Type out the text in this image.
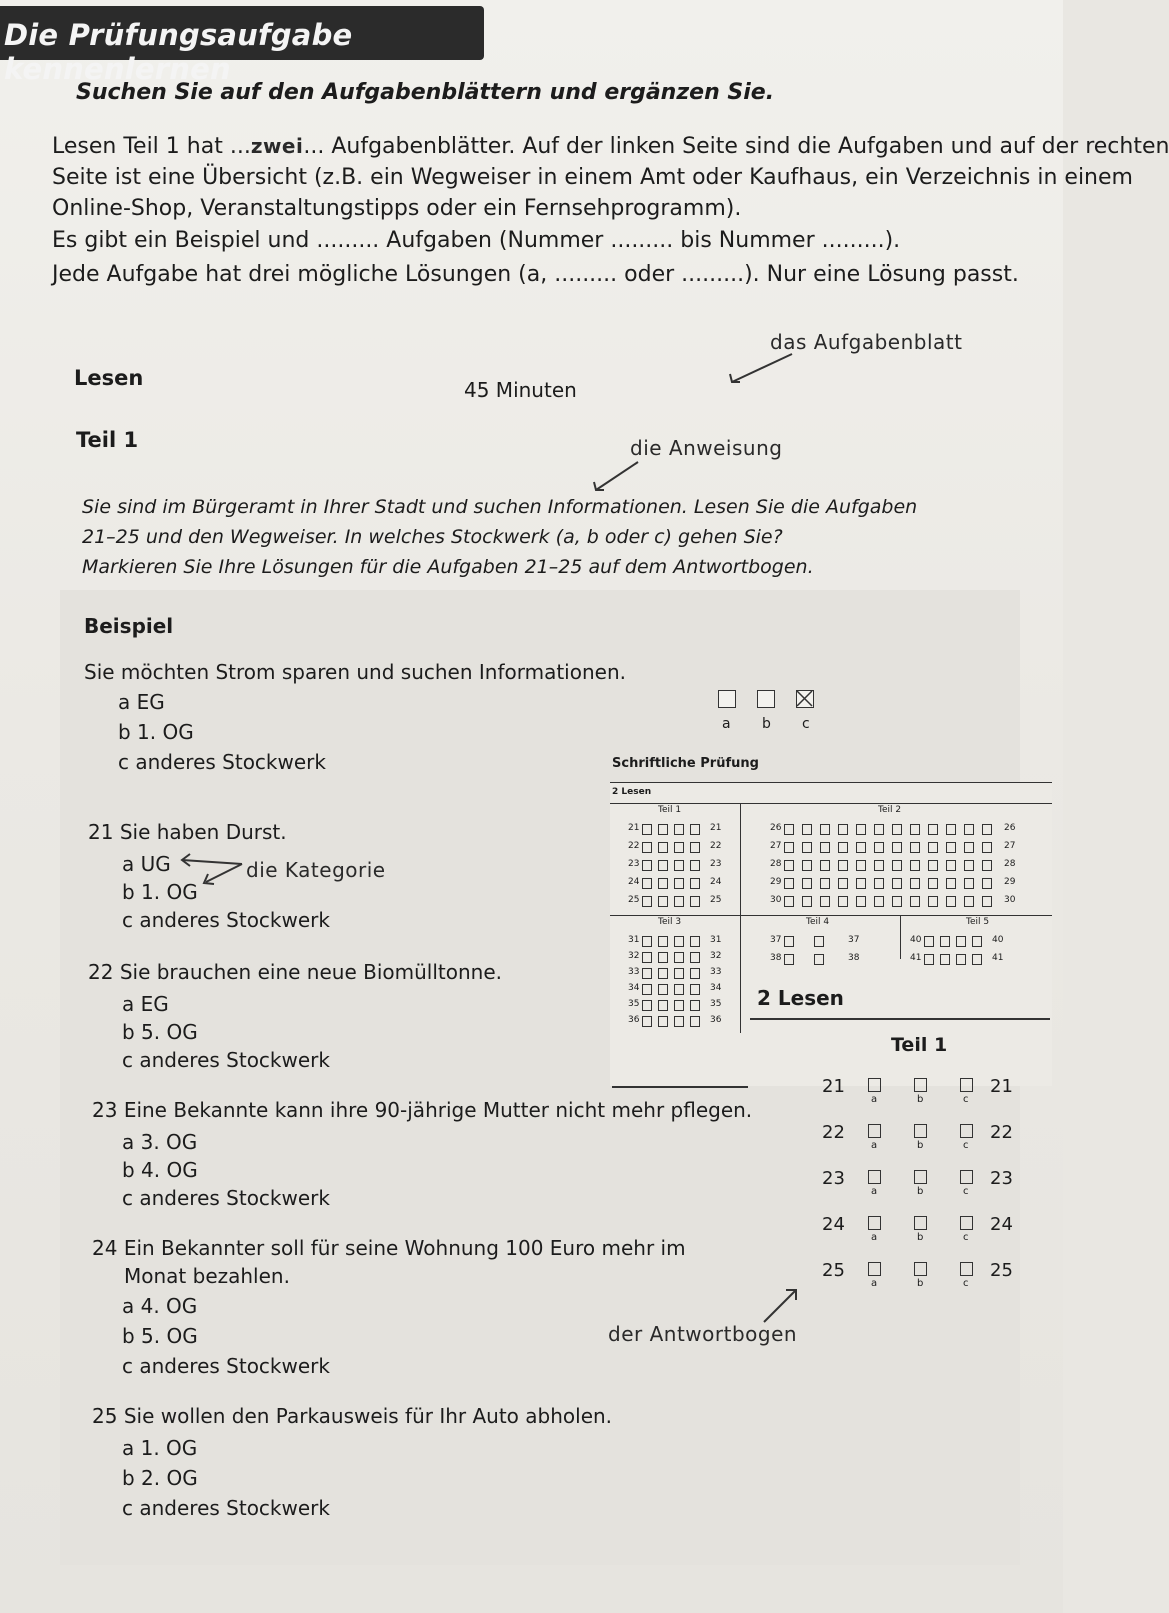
Die Prüfungsaufgabe kennenlernen
Suchen Sie auf den Aufgabenblättern und ergänzen Sie.
Lesen Teil 1 hat ...zwei... Aufgabenblätter. Auf der linken Seite sind die Aufgaben und auf der rechten
Seite ist eine Übersicht (z.B. ein Wegweiser in einem Amt oder Kaufhaus, ein Verzeichnis in einem
Online-Shop, Veranstaltungstipps oder ein Fernsehprogramm).
Es gibt ein Beispiel und ......... Aufgaben (Nummer ......... bis Nummer .........).
Jede Aufgabe hat drei mögliche Lösungen (a, ......... oder .........). Nur eine Lösung passt.
das Aufgabenblatt
Lesen	45 Minuten
Teil 1	die Anweisung
Sie sind im Bürgeramt in Ihrer Stadt und suchen Informationen. Lesen Sie die Aufgaben
21–25 und den Wegweiser. In welches Stockwerk (a, b oder c) gehen Sie?
Markieren Sie Ihre Lösungen für die Aufgaben 21–25 auf dem Antwortbogen.
Beispiel
Sie möchten Strom sparen und suchen Informationen.
a EG
b 1. OG
c anderes Stockwerk
a b c
21 Sie haben Durst.
a UG
b 1. OG
c anderes Stockwerk
die Kategorie
22 Sie brauchen eine neue Biomülltonne.
a EG
b 5. OG
c anderes Stockwerk
23 Eine Bekannte kann ihre 90-jährige Mutter nicht mehr pflegen.
a 3. OG
b 4. OG
c anderes Stockwerk
24 Ein Bekannter soll für seine Wohnung 100 Euro mehr im
Monat bezahlen.
a 4. OG
b 5. OG
c anderes Stockwerk
25 Sie wollen den Parkausweis für Ihr Auto abholen.
a 1. OG
b 2. OG
c anderes Stockwerk
Schriftliche Prüfung
2 Lesen
Teil 1	Teil 2
21	21
22	22
23	23
24	24
25	25
26	26
27	27
28	28
29	29
30	30
Teil 3	Teil 4	Teil 5
31	31
32	32
33	33
34	34
35	35
36	36
37	37
38	38
40	40
41	41
2 Lesen
Teil 1
21	21
a	b	c
22	22
a	b	c
23	23
a	b	c
24	24
a	b	c
25	25
a	b	c
der Antwortbogen
